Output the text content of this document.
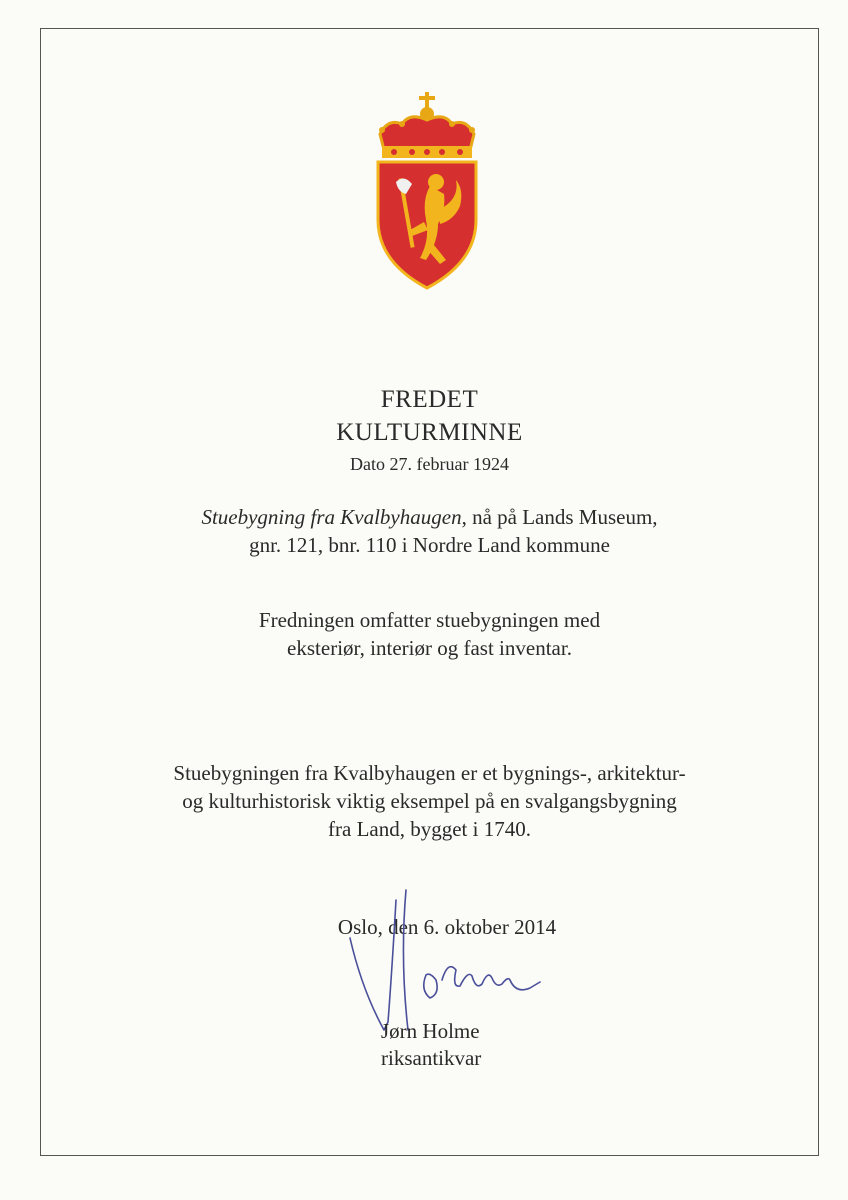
FREDET
KULTURMINNE
Dato 27. februar 1924
Stuebygning fra Kvalbyhaugen, nå på Lands Museum,
gnr. 121, bnr. 110 i Nordre Land kommune
Fredningen omfatter stuebygningen med
eksteriør, interiør og fast inventar.
Stuebygningen fra Kvalbyhaugen er et bygnings-, arkitektur-
og kulturhistorisk viktig eksempel på en svalgangsbygning
fra Land, bygget i 1740.
Oslo, den 6. oktober 2014
Jørn Holme
riksantikvar
